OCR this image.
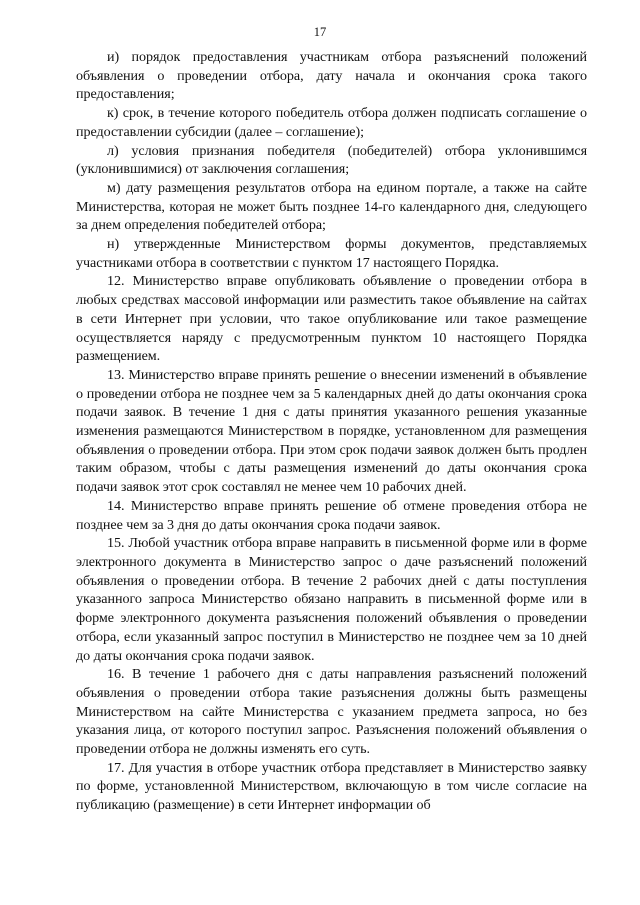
17

и) порядок предоставления участникам отбора разъяснений положений объявления о проведении отбора, дату начала и окончания срока такого предоставления;

к) срок, в течение которого победитель отбора должен подписать соглашение о предоставлении субсидии (далее – соглашение);

л) условия признания победителя (победителей) отбора уклонившимся (уклонившимися) от заключения соглашения;

м) дату размещения результатов отбора на едином портале, а также на сайте Министерства, которая не может быть позднее 14-го календарного дня, следующего за днем определения победителей отбора;

н) утвержденные Министерством формы документов, представляемых участниками отбора в соответствии с пунктом 17 настоящего Порядка.

12. Министерство вправе опубликовать объявление о проведении отбора в любых средствах массовой информации или разместить такое объявление на сайтах в сети Интернет при условии, что такое опубликование или такое размещение осуществляется наряду с предусмотренным пунктом 10 настоящего Порядка размещением.

13. Министерство вправе принять решение о внесении изменений в объявление о проведении отбора не позднее чем за 5 календарных дней до даты окончания срока подачи заявок. В течение 1 дня с даты принятия указанного решения указанные изменения размещаются Министерством в порядке, установленном для размещения объявления о проведении отбора. При этом срок подачи заявок должен быть продлен таким образом, чтобы с даты размещения изменений до даты окончания срока подачи заявок этот срок составлял не менее чем 10 рабочих дней.

14. Министерство вправе принять решение об отмене проведения отбора не позднее чем за 3 дня до даты окончания срока подачи заявок.

15. Любой участник отбора вправе направить в письменной форме или в форме электронного документа в Министерство запрос о даче разъяснений положений объявления о проведении отбора. В течение 2 рабочих дней с даты поступления указанного запроса Министерство обязано направить в письменной форме или в форме электронного документа разъяснения положений объявления о проведении отбора, если указанный запрос поступил в Министерство не позднее чем за 10 дней до даты окончания срока подачи заявок.

16. В течение 1 рабочего дня с даты направления разъяснений положений объявления о проведении отбора такие разъяснения должны быть размещены Министерством на сайте Министерства с указанием предмета запроса, но без указания лица, от которого поступил запрос. Разъяснения положений объявления о проведении отбора не должны изменять его суть.

17. Для участия в отборе участник отбора представляет в Министерство заявку по форме, установленной Министерством, включающую в том числе согласие на публикацию (размещение) в сети Интернет информации об
